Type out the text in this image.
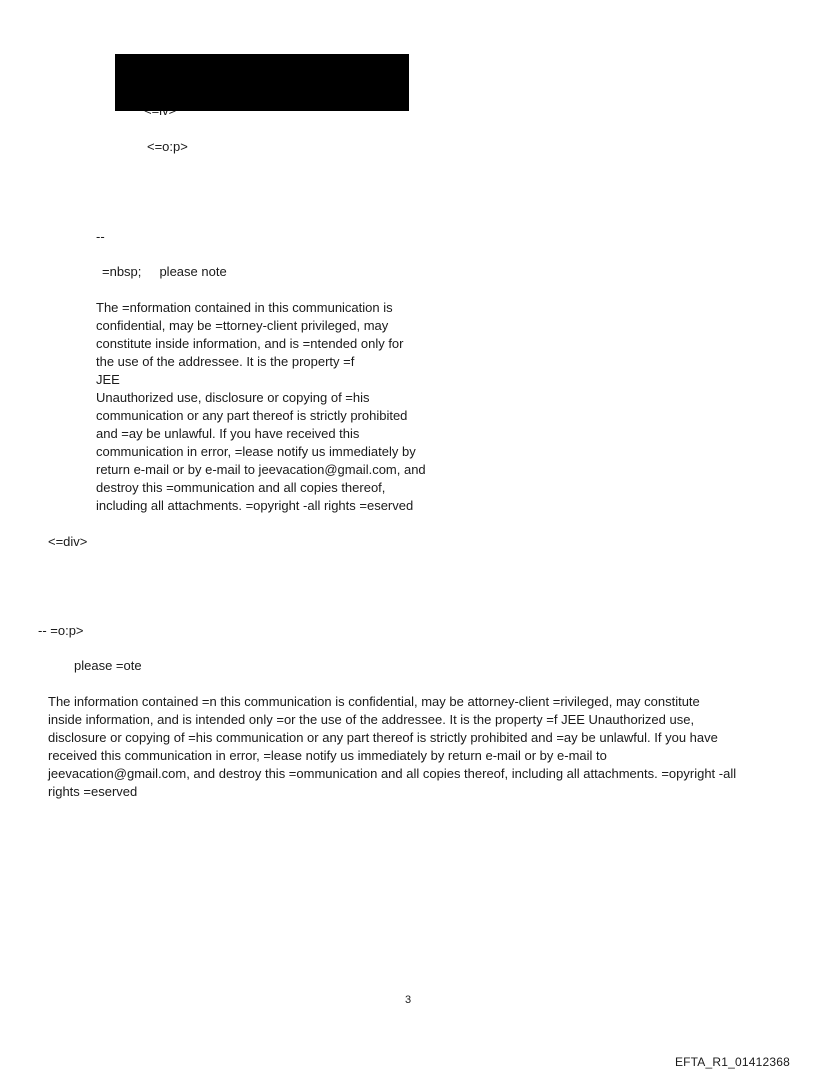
<=o:p>
--
=nbsp;     please note
The =nformation contained in this communication is
confidential, may be =ttorney-client privileged, may
constitute inside information, and is =ntended only for
the use of the addressee. It is the property =f
JEE
Unauthorized use, disclosure or copying of =his
communication or any part thereof is strictly prohibited
and =ay be unlawful. If you have received this
communication in error, =lease notify us immediately by
return e-mail or by e-mail to jeevacation@gmail.com, and
destroy this =ommunication and all copies thereof,
including all attachments. =opyright -all rights =eserved
<=div>
-- =o:p>
please =ote
The information contained =n this communication is confidential, may be attorney-client =rivileged, may constitute
inside information, and is intended only =or the use of the addressee. It is the property =f JEE Unauthorized use,
disclosure or copying of =his communication or any part thereof is strictly prohibited and =ay be unlawful. If you have
received this communication in error, =lease notify us immediately by return e-mail or by e-mail to
jeevacation@gmail.com, and destroy this =ommunication and all copies thereof, including all attachments. =opyright -all
rights =eserved
3
EFTA_R1_01412368
